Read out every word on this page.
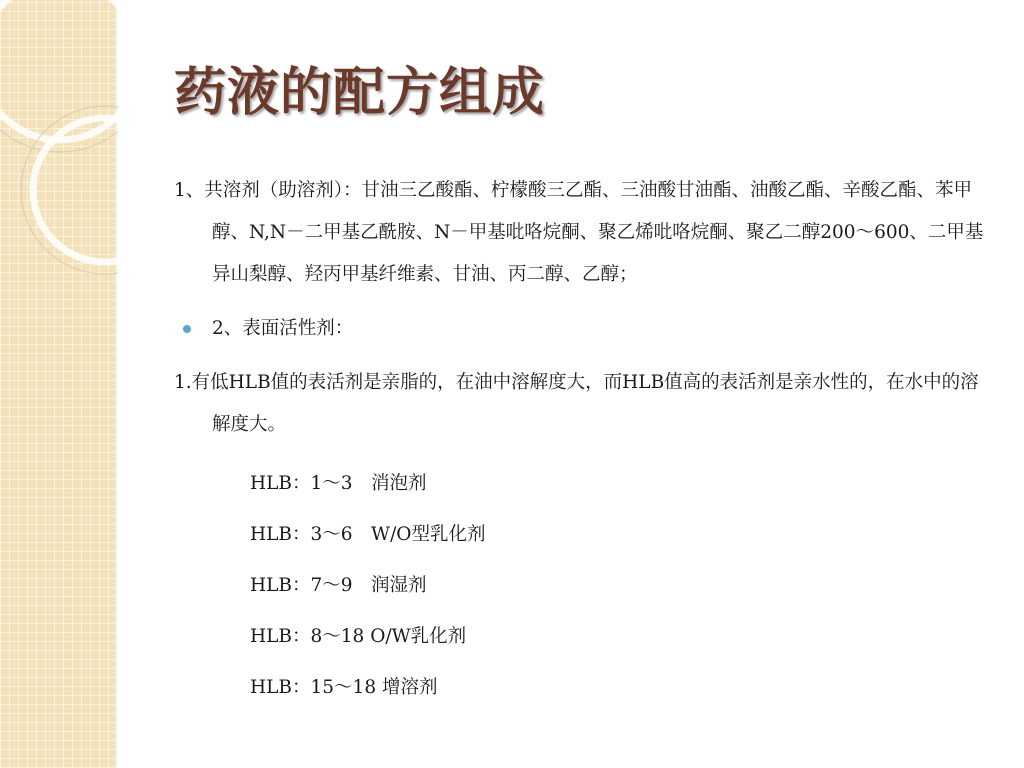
药液的配方组成

1、共溶剂（助溶剂）：甘油三乙酸酯、柠檬酸三乙酯、三油酸甘油酯、油酸乙酯、辛酸乙酯、苯甲醇、N,N－二甲基乙酰胺、N－甲基吡咯烷酮、聚乙烯吡咯烷酮、聚乙二醇200～600、二甲基异山梨醇、羟丙甲基纤维素、甘油、丙二醇、乙醇；

2、表面活性剂：

1.有低HLB值的表活剂是亲脂的，在油中溶解度大，而HLB值高的表活剂是亲水性的，在水中的溶解度大。

HLB：1～3　消泡剂
HLB：3～6　W/O型乳化剂
HLB：7～9　润湿剂
HLB：8～18 O/W乳化剂
HLB：15～18 增溶剂
